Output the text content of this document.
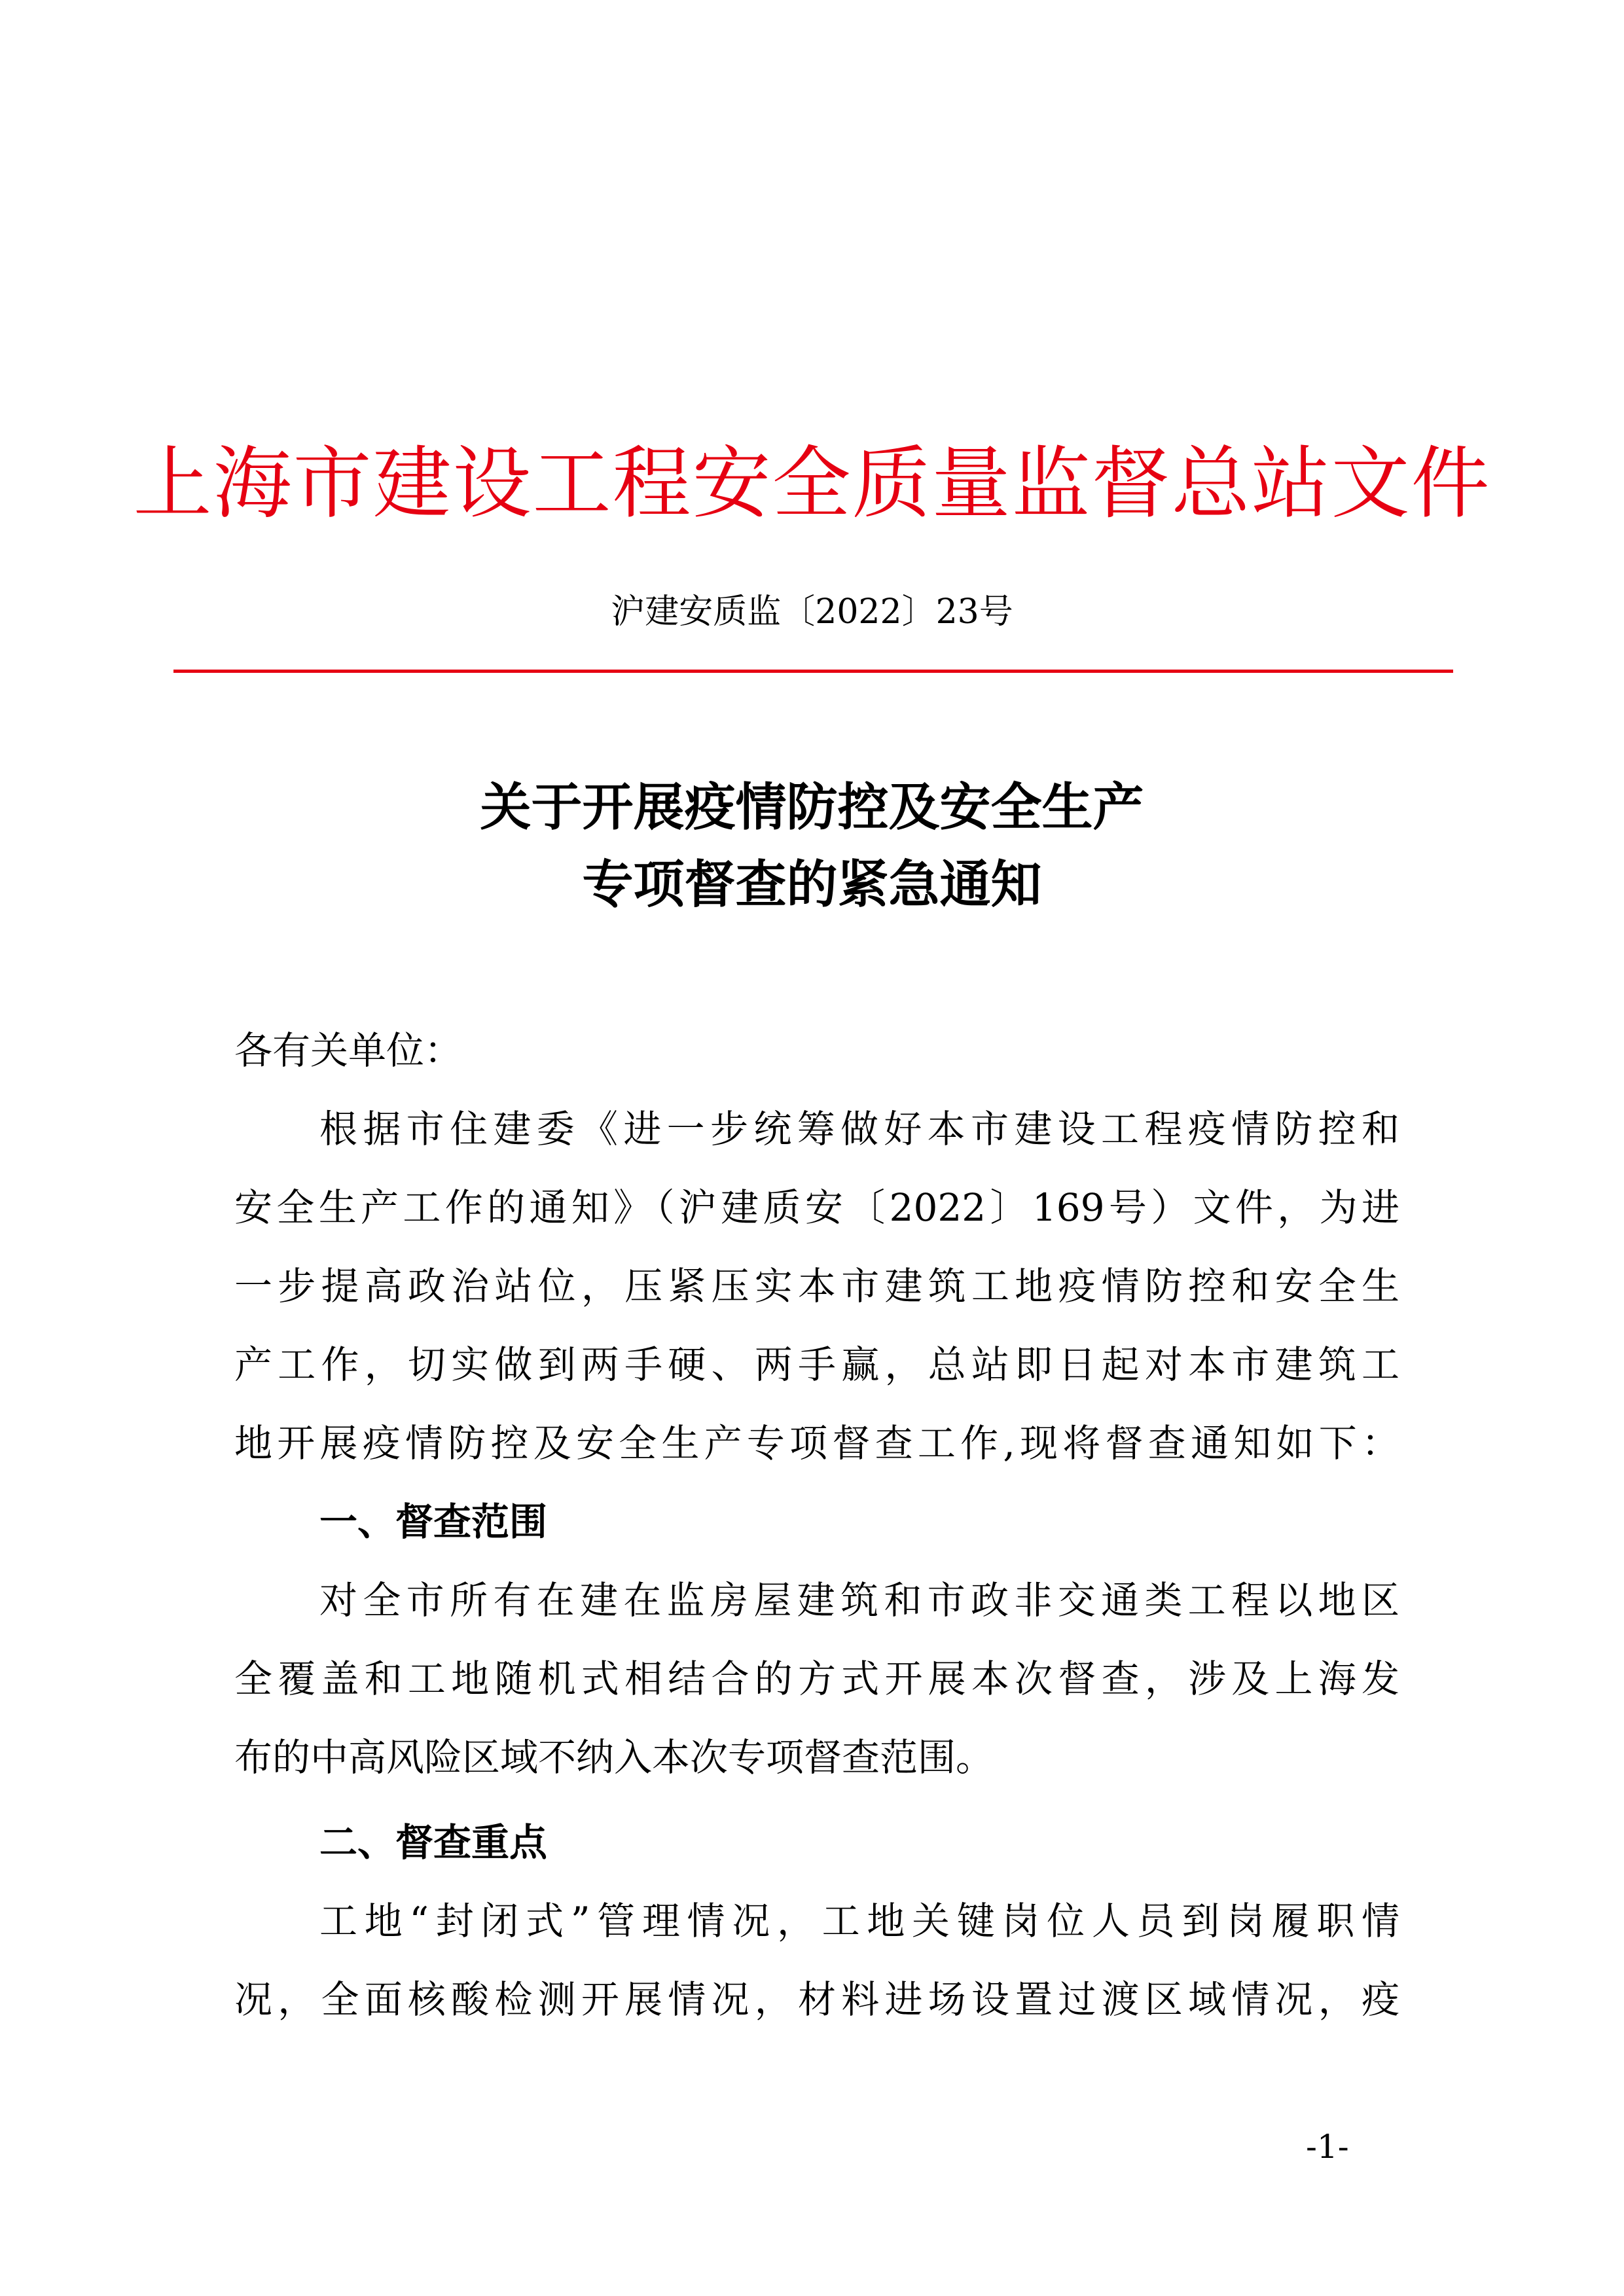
上海市建设工程安全质量监督总站文件
沪建安质监〔2022〕23号
关于开展疫情防控及安全生产
专项督查的紧急通知
各有关单位：
根据市住建委《进一步统筹做好本市建设工程疫情防控和
安全生产工作的通知》（沪建质安〔2022〕169号）文件，为进
一步提高政治站位，压紧压实本市建筑工地疫情防控和安全生
产工作，切实做到两手硬、两手赢，总站即日起对本市建筑工
地开展疫情防控及安全生产专项督查工作,现将督查通知如下：
一、督查范围
对全市所有在建在监房屋建筑和市政非交通类工程以地区
全覆盖和工地随机式相结合的方式开展本次督查，涉及上海发
布的中高风险区域不纳入本次专项督查范围。
二、督查重点
工地“封闭式”管理情况，工地关键岗位人员到岗履职情
况，全面核酸检测开展情况，材料进场设置过渡区域情况，疫
-1-
